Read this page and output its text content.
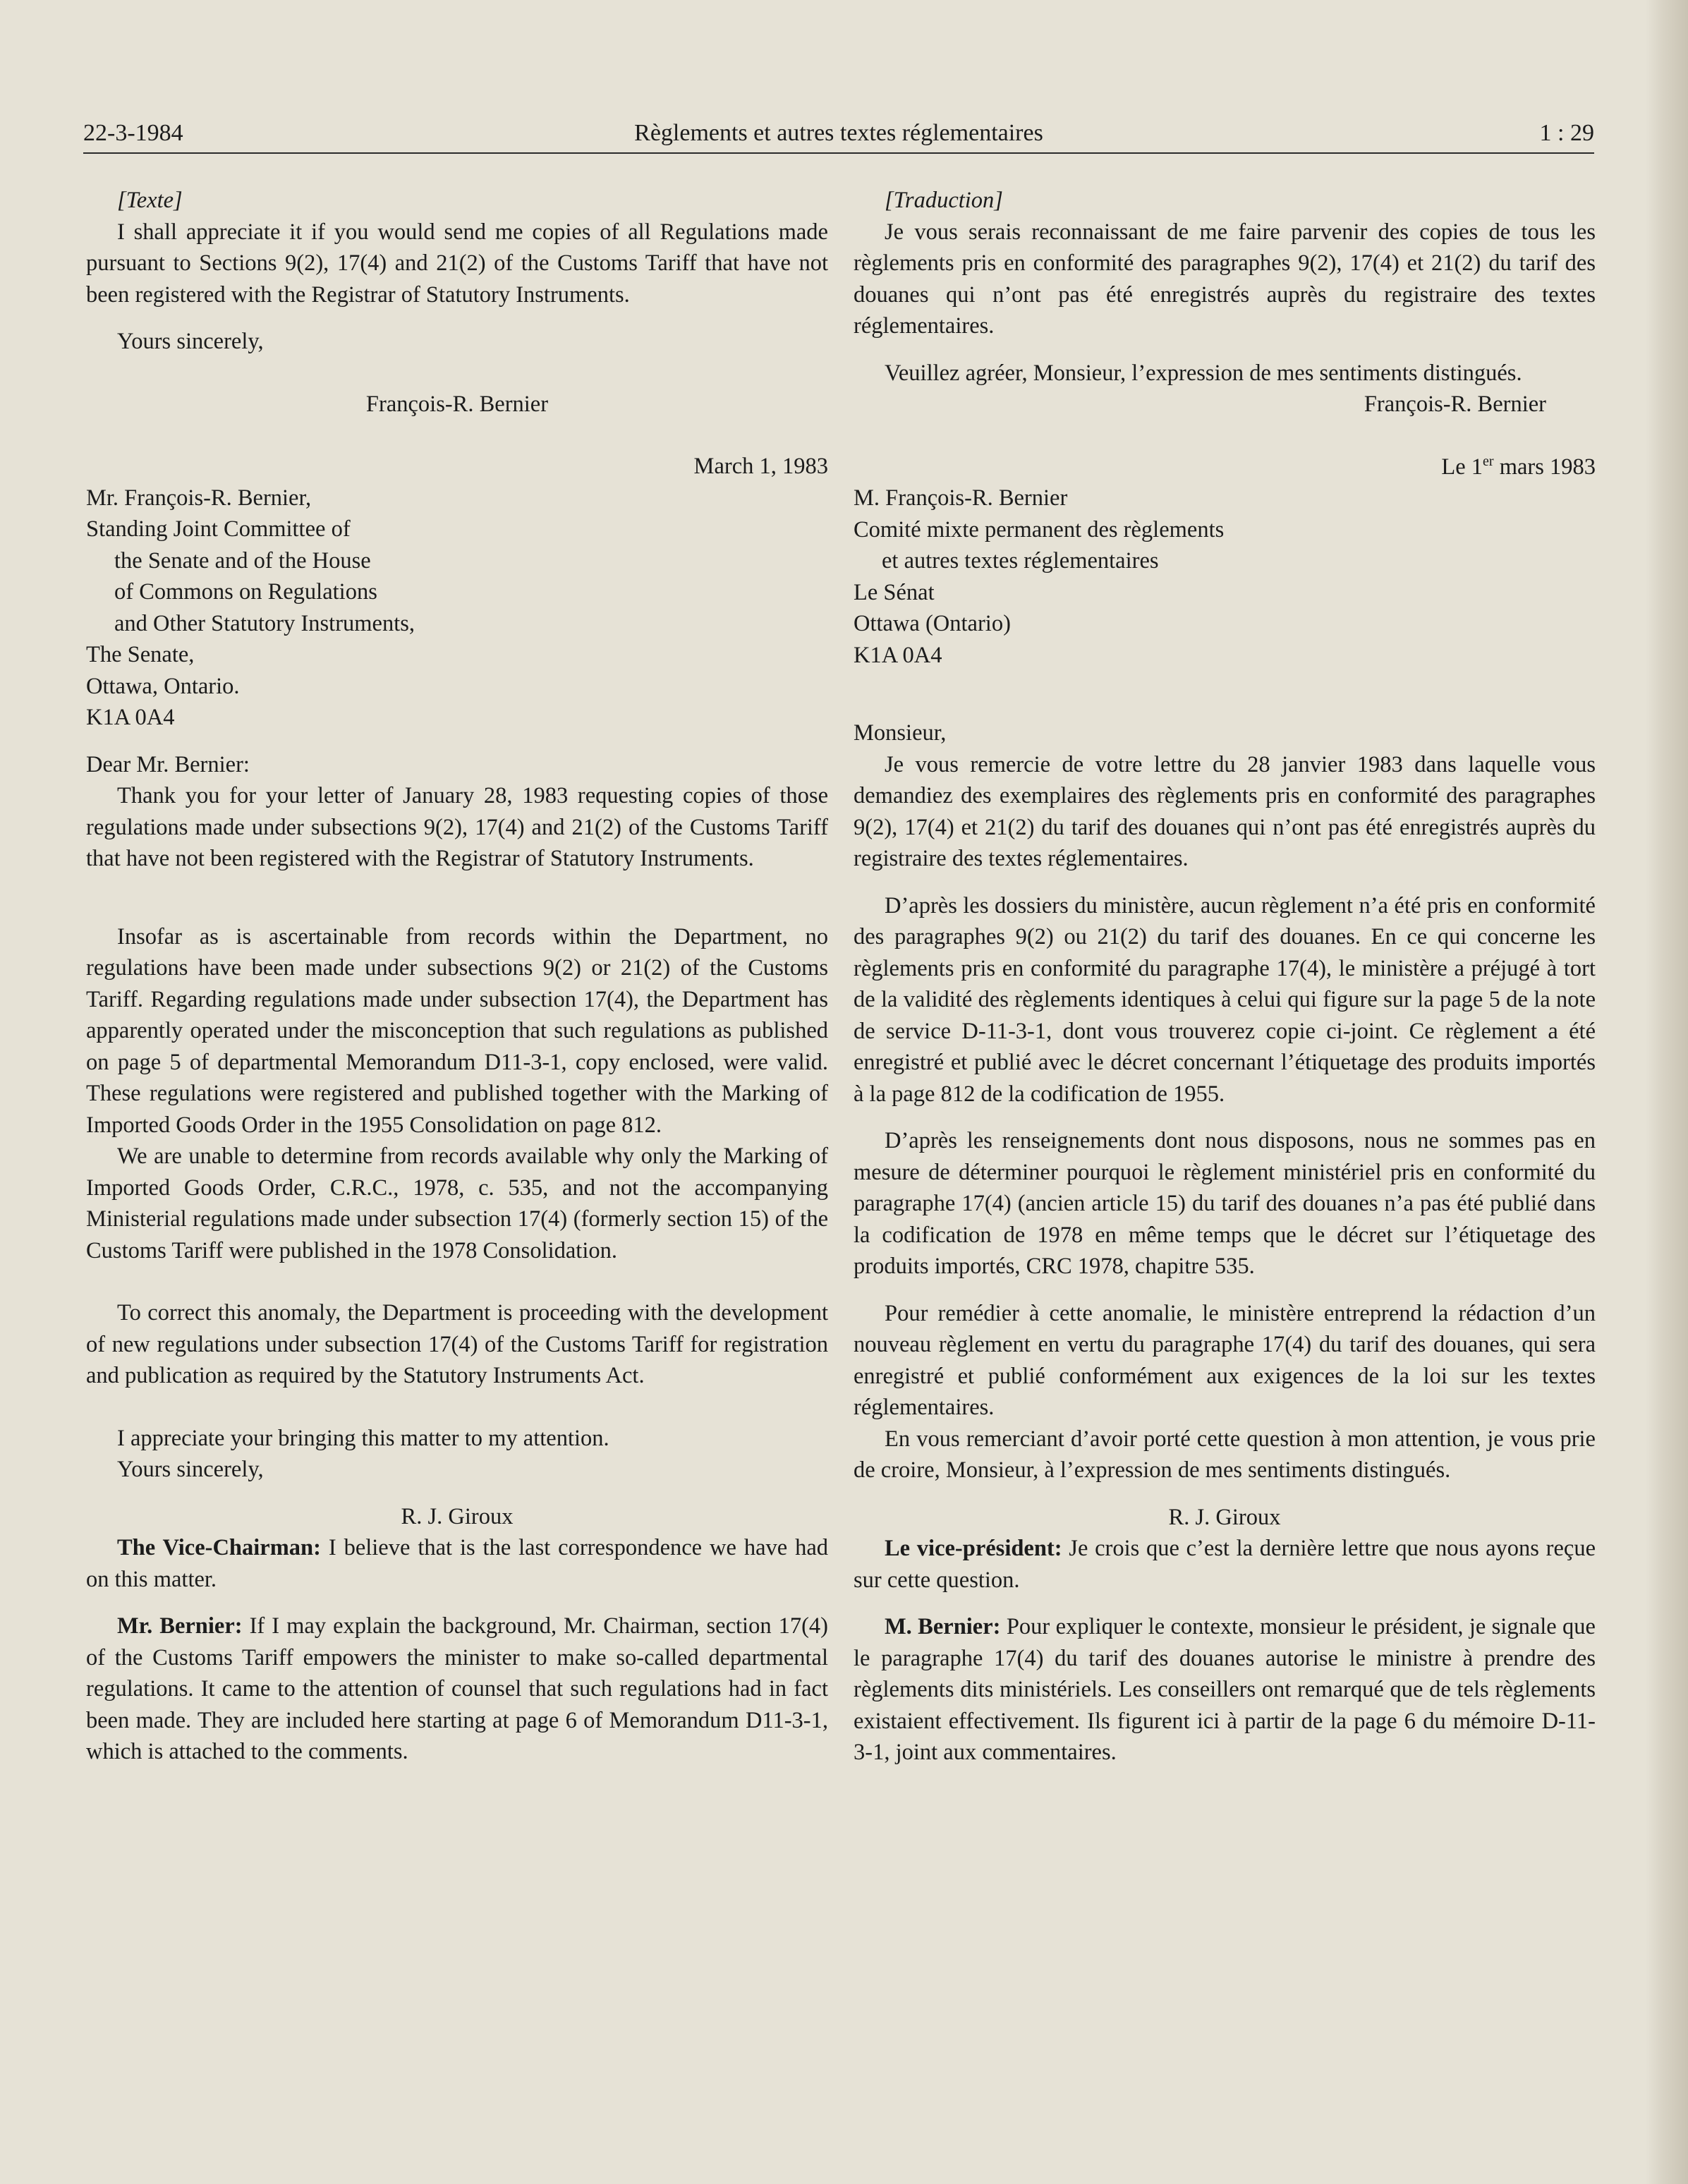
Règlements et autres textes réglementaires
22-3-1984	1 : 29

[Texte]

I shall appreciate it if you would send me copies of all Regulations made pursuant to Sections 9(2), 17(4) and 21(2) of the Customs Tariff that have not been registered with the Registrar of Statutory Instruments.

Yours sincerely,

François-R. Bernier

March 1, 1983

Mr. François-R. Bernier,
Standing Joint Committee of
the Senate and of the House
of Commons on Regulations
and Other Statutory Instruments,
The Senate,
Ottawa, Ontario.
K1A 0A4

Dear Mr. Bernier:

Thank you for your letter of January 28, 1983 requesting copies of those regulations made under subsections 9(2), 17(4) and 21(2) of the Customs Tariff that have not been registered with the Registrar of Statutory Instruments.

Insofar as is ascertainable from records within the Department, no regulations have been made under subsections 9(2) or 21(2) of the Customs Tariff. Regarding regulations made under subsection 17(4), the Department has apparently operated under the misconception that such regulations as published on page 5 of departmental Memorandum D11-3-1, copy enclosed, were valid. These regulations were registered and published together with the Marking of Imported Goods Order in the 1955 Consolidation on page 812.

We are unable to determine from records available why only the Marking of Imported Goods Order, C.R.C., 1978, c. 535, and not the accompanying Ministerial regulations made under subsection 17(4) (formerly section 15) of the Customs Tariff were published in the 1978 Consolidation.

To correct this anomaly, the Department is proceeding with the development of new regulations under subsection 17(4) of the Customs Tariff for registration and publication as required by the Statutory Instruments Act.

I appreciate your bringing this matter to my attention.

Yours sincerely,

R. J. Giroux

The Vice-Chairman: I believe that is the last correspondence we have had on this matter.

Mr. Bernier: If I may explain the background, Mr. Chairman, section 17(4) of the Customs Tariff empowers the minister to make so-called departmental regulations. It came to the attention of counsel that such regulations had in fact been made. They are included here starting at page 6 of Memorandum D11-3-1, which is attached to the comments.

[Traduction]

Je vous serais reconnaissant de me faire parvenir des copies de tous les règlements pris en conformité des paragraphes 9(2), 17(4) et 21(2) du tarif des douanes qui n’ont pas été enregistrés auprès du registraire des textes réglementaires.

Veuillez agréer, Monsieur, l’expression de mes sentiments distingués.

François-R. Bernier

Le 1er mars 1983

M. François-R. Bernier
Comité mixte permanent des règlements
et autres textes réglementaires
Le Sénat
Ottawa (Ontario)
K1A 0A4

Monsieur,

Je vous remercie de votre lettre du 28 janvier 1983 dans laquelle vous demandiez des exemplaires des règlements pris en conformité des paragraphes 9(2), 17(4) et 21(2) du tarif des douanes qui n’ont pas été enregistrés auprès du registraire des textes réglementaires.

D’après les dossiers du ministère, aucun règlement n’a été pris en conformité des paragraphes 9(2) ou 21(2) du tarif des douanes. En ce qui concerne les règlements pris en conformité du paragraphe 17(4), le ministère a préjugé à tort de la validité des règlements identiques à celui qui figure sur la page 5 de la note de service D-11-3-1, dont vous trouverez copie ci-joint. Ce règlement a été enregistré et publié avec le décret concernant l’étiquetage des produits importés à la page 812 de la codification de 1955.

D’après les renseignements dont nous disposons, nous ne sommes pas en mesure de déterminer pourquoi le règlement ministériel pris en conformité du paragraphe 17(4) (ancien article 15) du tarif des douanes n’a pas été publié dans la codification de 1978 en même temps que le décret sur l’étiquetage des produits importés, CRC 1978, chapitre 535.

Pour remédier à cette anomalie, le ministère entreprend la rédaction d’un nouveau règlement en vertu du paragraphe 17(4) du tarif des douanes, qui sera enregistré et publié conformément aux exigences de la loi sur les textes réglementaires.

En vous remerciant d’avoir porté cette question à mon attention, je vous prie de croire, Monsieur, à l’expression de mes sentiments distingués.

R. J. Giroux

Le vice-président: Je crois que c’est la dernière lettre que nous ayons reçue sur cette question.

M. Bernier: Pour expliquer le contexte, monsieur le président, je signale que le paragraphe 17(4) du tarif des douanes autorise le ministre à prendre des règlements dits ministériels. Les conseillers ont remarqué que de tels règlements existaient effectivement. Ils figurent ici à partir de la page 6 du mémoire D-11-3-1, joint aux commentaires.
